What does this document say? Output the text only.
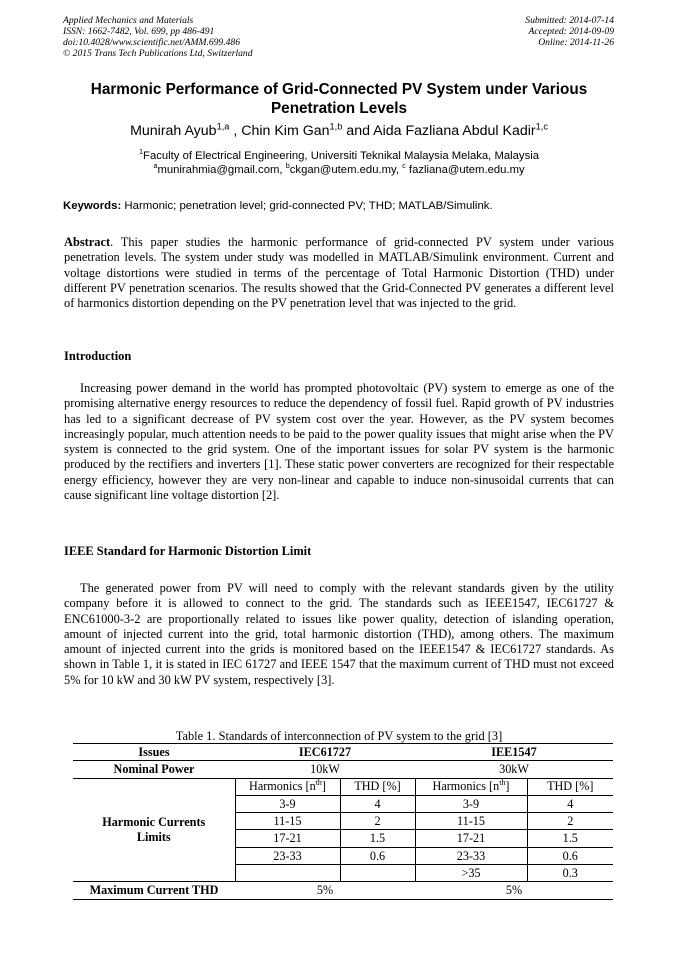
Applied Mechanics and Materials
ISSN: 1662-7482, Vol. 699, pp 486-491
doi:10.4028/www.scientific.net/AMM.699.486
© 2015 Trans Tech Publications Ltd, Switzerland
Submitted: 2014-07-14
Accepted: 2014-09-09
Online: 2014-11-26
Harmonic Performance of Grid-Connected PV System under Various Penetration Levels
Munirah Ayub$^{1,a}$ , Chin Kim Gan$^{1,b}$ and Aida Fazliana Abdul Kadir$^{1,c}$
$^1$Faculty of Electrical Engineering, Universiti Teknikal Malaysia Melaka, Malaysia
$^a$munirahmia@gmail.com, $^b$ckgan@utem.edu.my, $^c$ fazliana@utem.edu.my
Keywords: Harmonic; penetration level; grid-connected PV; THD; MATLAB/Simulink.
Abstract. This paper studies the harmonic performance of grid-connected PV system under various penetration levels. The system under study was modelled in MATLAB/Simulink environment. Current and voltage distortions were studied in terms of the percentage of Total Harmonic Distortion (THD) under different PV penetration scenarios. The results showed that the Grid-Connected PV generates a different level of harmonics distortion depending on the PV penetration level that was injected to the grid.
Introduction
Increasing power demand in the world has prompted photovoltaic (PV) system to emerge as one of the promising alternative energy resources to reduce the dependency of fossil fuel. Rapid growth of PV industries has led to a significant decrease of PV system cost over the year. However, as the PV system becomes increasingly popular, much attention needs to be paid to the power quality issues that might arise when the PV system is connected to the grid system. One of the important issues for solar PV system is the harmonic produced by the rectifiers and inverters [1]. These static power converters are recognized for their respectable energy efficiency, however they are very non-linear and capable to induce non-sinusoidal currents that can cause significant line voltage distortion [2].
IEEE Standard for Harmonic Distortion Limit
The generated power from PV will need to comply with the relevant standards given by the utility company before it is allowed to connect to the grid. The standards such as IEEE1547, IEC61727 & ENC61000-3-2 are proportionally related to issues like power quality, detection of islanding operation, amount of injected current into the grid, total harmonic distortion (THD), among others. The maximum amount of injected current into the grids is monitored based on the IEEE1547 & IEC61727 standards. As shown in Table 1, it is stated in IEC 61727 and IEEE 1547 that the maximum current of THD must not exceed 5% for 10 kW and 30 kW PV system, respectively [3].
Table 1. Standards of interconnection of PV system to the grid [3]
Issues	IEC61727		IEE1547	
Nominal Power	10kW		30kW	
Harmonic Currents
Limits	Harmonics $[n^{th}]$	THD [%]	Harmonics $[n^{th}]$	THD [%]
	3-9	4	3-9	4
	11-15	2	11-15	2
	17-21	1.5	17-21	1.5
	23-33	0.6	23-33	0.6
			>35	0.3
Maximum Current THD	5%		5%	
